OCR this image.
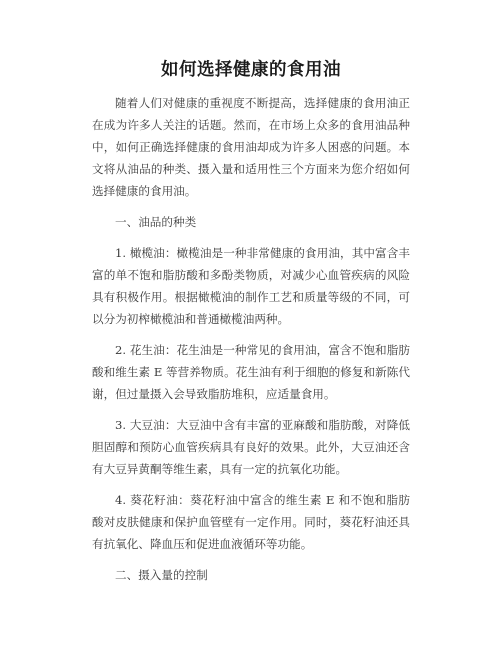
如何选择健康的食用油

随着人们对健康的重视度不断提高，选择健康的食用油正在成为许多人关注的话题。然而，在市场上众多的食用油品种中，如何正确选择健康的食用油却成为许多人困惑的问题。本文将从油品的种类、摄入量和适用性三个方面来为您介绍如何选择健康的食用油。

一、油品的种类

1. 橄榄油：橄榄油是一种非常健康的食用油，其中富含丰富的单不饱和脂肪酸和多酚类物质，对减少心血管疾病的风险具有积极作用。根据橄榄油的制作工艺和质量等级的不同，可以分为初榨橄榄油和普通橄榄油两种。

2. 花生油：花生油是一种常见的食用油，富含不饱和脂肪酸和维生素 E 等营养物质。花生油有利于细胞的修复和新陈代谢，但过量摄入会导致脂肪堆积，应适量食用。

3. 大豆油：大豆油中含有丰富的亚麻酸和脂肪酸，对降低胆固醇和预防心血管疾病具有良好的效果。此外，大豆油还含有大豆异黄酮等维生素，具有一定的抗氧化功能。

4. 葵花籽油：葵花籽油中富含的维生素 E 和不饱和脂肪酸对皮肤健康和保护血管壁有一定作用。同时，葵花籽油还具有抗氧化、降血压和促进血液循环等功能。

二、摄入量的控制
